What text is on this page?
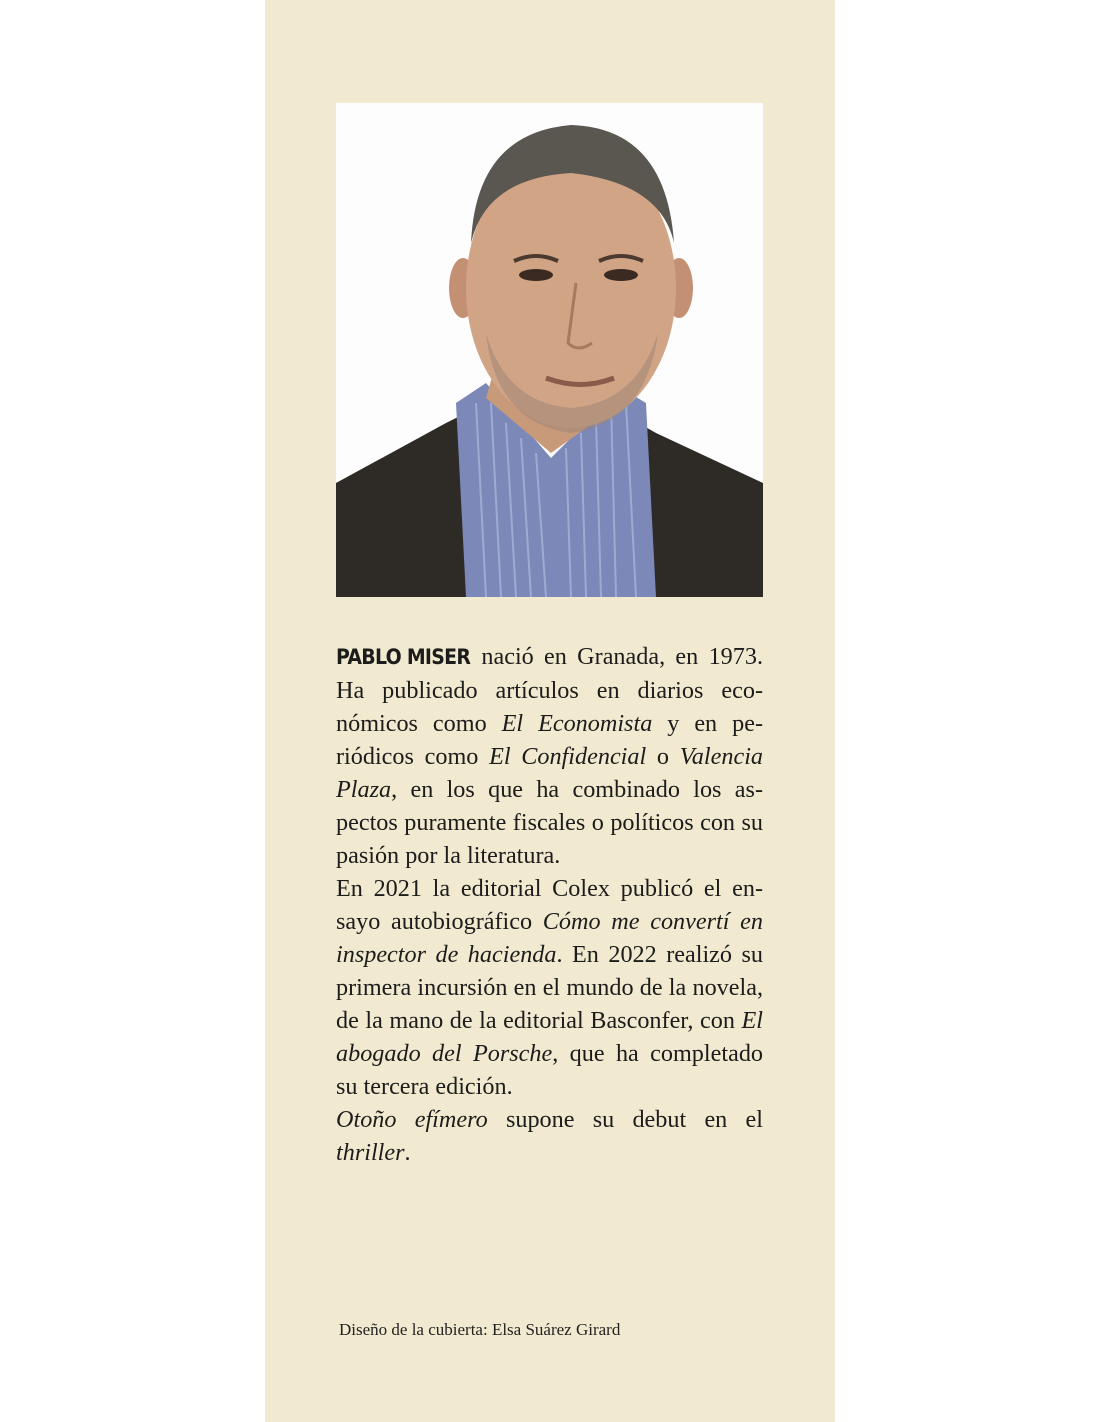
PABLO MISER nació en Granada, en 1973. Ha publicado artículos en diarios económicos como El Economista y en periódicos como El Confidencial o Valencia Plaza, en los que ha combinado los aspectos puramente fiscales o políticos con su pasión por la literatura.

En 2021 la editorial Colex publicó el ensayo autobiográfico Cómo me convertí en inspector de hacienda. En 2022 realizó su primera incursión en el mundo de la novela, de la mano de la editorial Basconfer, con El abogado del Porsche, que ha completado su tercera edición.

Otoño efímero supone su debut en el thriller.

Diseño de la cubierta: Elsa Suárez Girard
